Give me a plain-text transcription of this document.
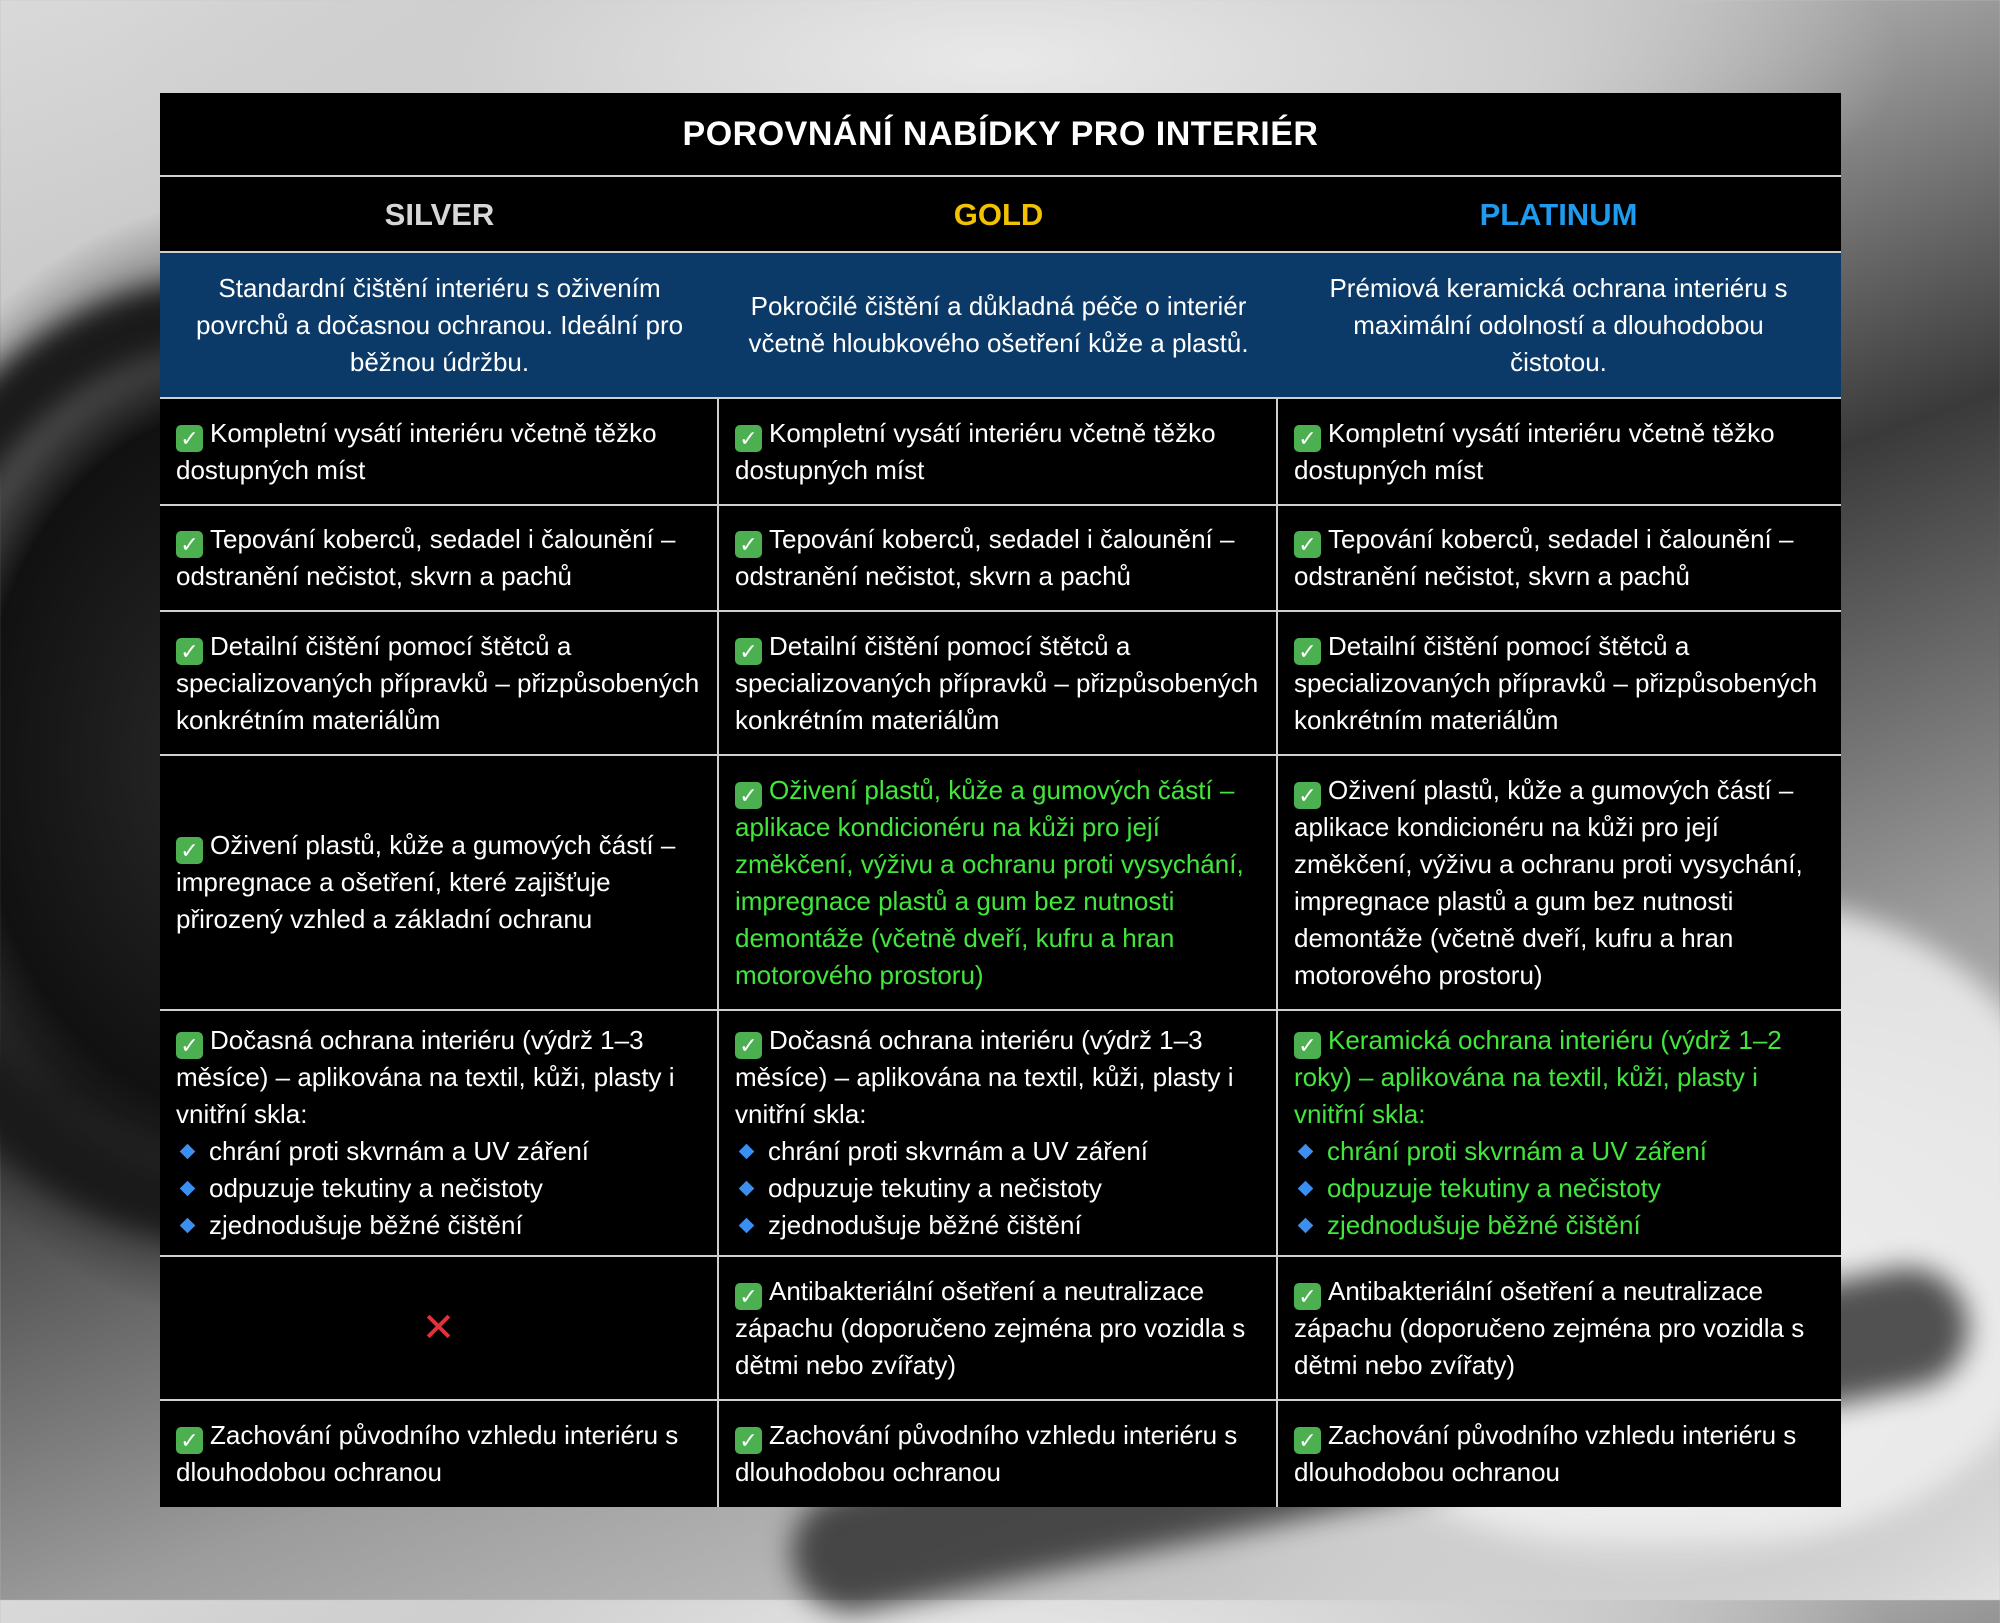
POROVNÁNÍ NABÍDKY PRO INTERIÉR
SILVER	GOLD	PLATINUM
Standardní čištění interiéru s oživením povrchů a dočasnou ochranou. Ideální pro běžnou údržbu.
Pokročilé čištění a důkladná péče o interiér včetně hloubkového ošetření kůže a plastů.
Prémiová keramická ochrana interiéru s maximální odolností a dlouhodobou čistotou.
✓ Kompletní vysátí interiéru včetně těžko dostupných míst
✓ Kompletní vysátí interiéru včetně těžko dostupných míst
✓ Kompletní vysátí interiéru včetně těžko dostupných míst
✓ Tepování koberců, sedadel i čalounění – odstranění nečistot, skvrn a pachů
✓ Tepování koberců, sedadel i čalounění – odstranění nečistot, skvrn a pachů
✓ Tepování koberců, sedadel i čalounění – odstranění nečistot, skvrn a pachů
✓ Detailní čištění pomocí štětců a specializovaných přípravků – přizpůsobených konkrétním materiálům
✓ Detailní čištění pomocí štětců a specializovaných přípravků – přizpůsobených konkrétním materiálům
✓ Detailní čištění pomocí štětců a specializovaných přípravků – přizpůsobených konkrétním materiálům
✓ Oživení plastů, kůže a gumových částí – impregnace a ošetření, které zajišťuje přirozený vzhled a základní ochranu
✓ Oživení plastů, kůže a gumových částí – aplikace kondicionéru na kůži pro její změkčení, výživu a ochranu proti vysychání, impregnace plastů a gum bez nutnosti demontáže (včetně dveří, kufru a hran motorového prostoru)
✓ Oživení plastů, kůže a gumových částí – aplikace kondicionéru na kůži pro její změkčení, výživu a ochranu proti vysychání, impregnace plastů a gum bez nutnosti demontáže (včetně dveří, kufru a hran motorového prostoru)
✓ Dočasná ochrana interiéru (výdrž 1–3 měsíce) – aplikována na textil, kůži, plasty i vnitřní skla:
chrání proti skvrnám a UV záření
odpuzuje tekutiny a nečistoty
zjednodušuje běžné čištění
✓ Dočasná ochrana interiéru (výdrž 1–3 měsíce) – aplikována na textil, kůži, plasty i vnitřní skla:
chrání proti skvrnám a UV záření
odpuzuje tekutiny a nečistoty
zjednodušuje běžné čištění
✓ Keramická ochrana interiéru (výdrž 1–2 roky) – aplikována na textil, kůži, plasty i vnitřní skla:
chrání proti skvrnám a UV záření
odpuzuje tekutiny a nečistoty
zjednodušuje běžné čištění
✕
✓ Antibakteriální ošetření a neutralizace zápachu (doporučeno zejména pro vozidla s dětmi nebo zvířaty)
✓ Antibakteriální ošetření a neutralizace zápachu (doporučeno zejména pro vozidla s dětmi nebo zvířaty)
✓ Zachování původního vzhledu interiéru s dlouhodobou ochranou
✓ Zachování původního vzhledu interiéru s dlouhodobou ochranou
✓ Zachování původního vzhledu interiéru s dlouhodobou ochranou
